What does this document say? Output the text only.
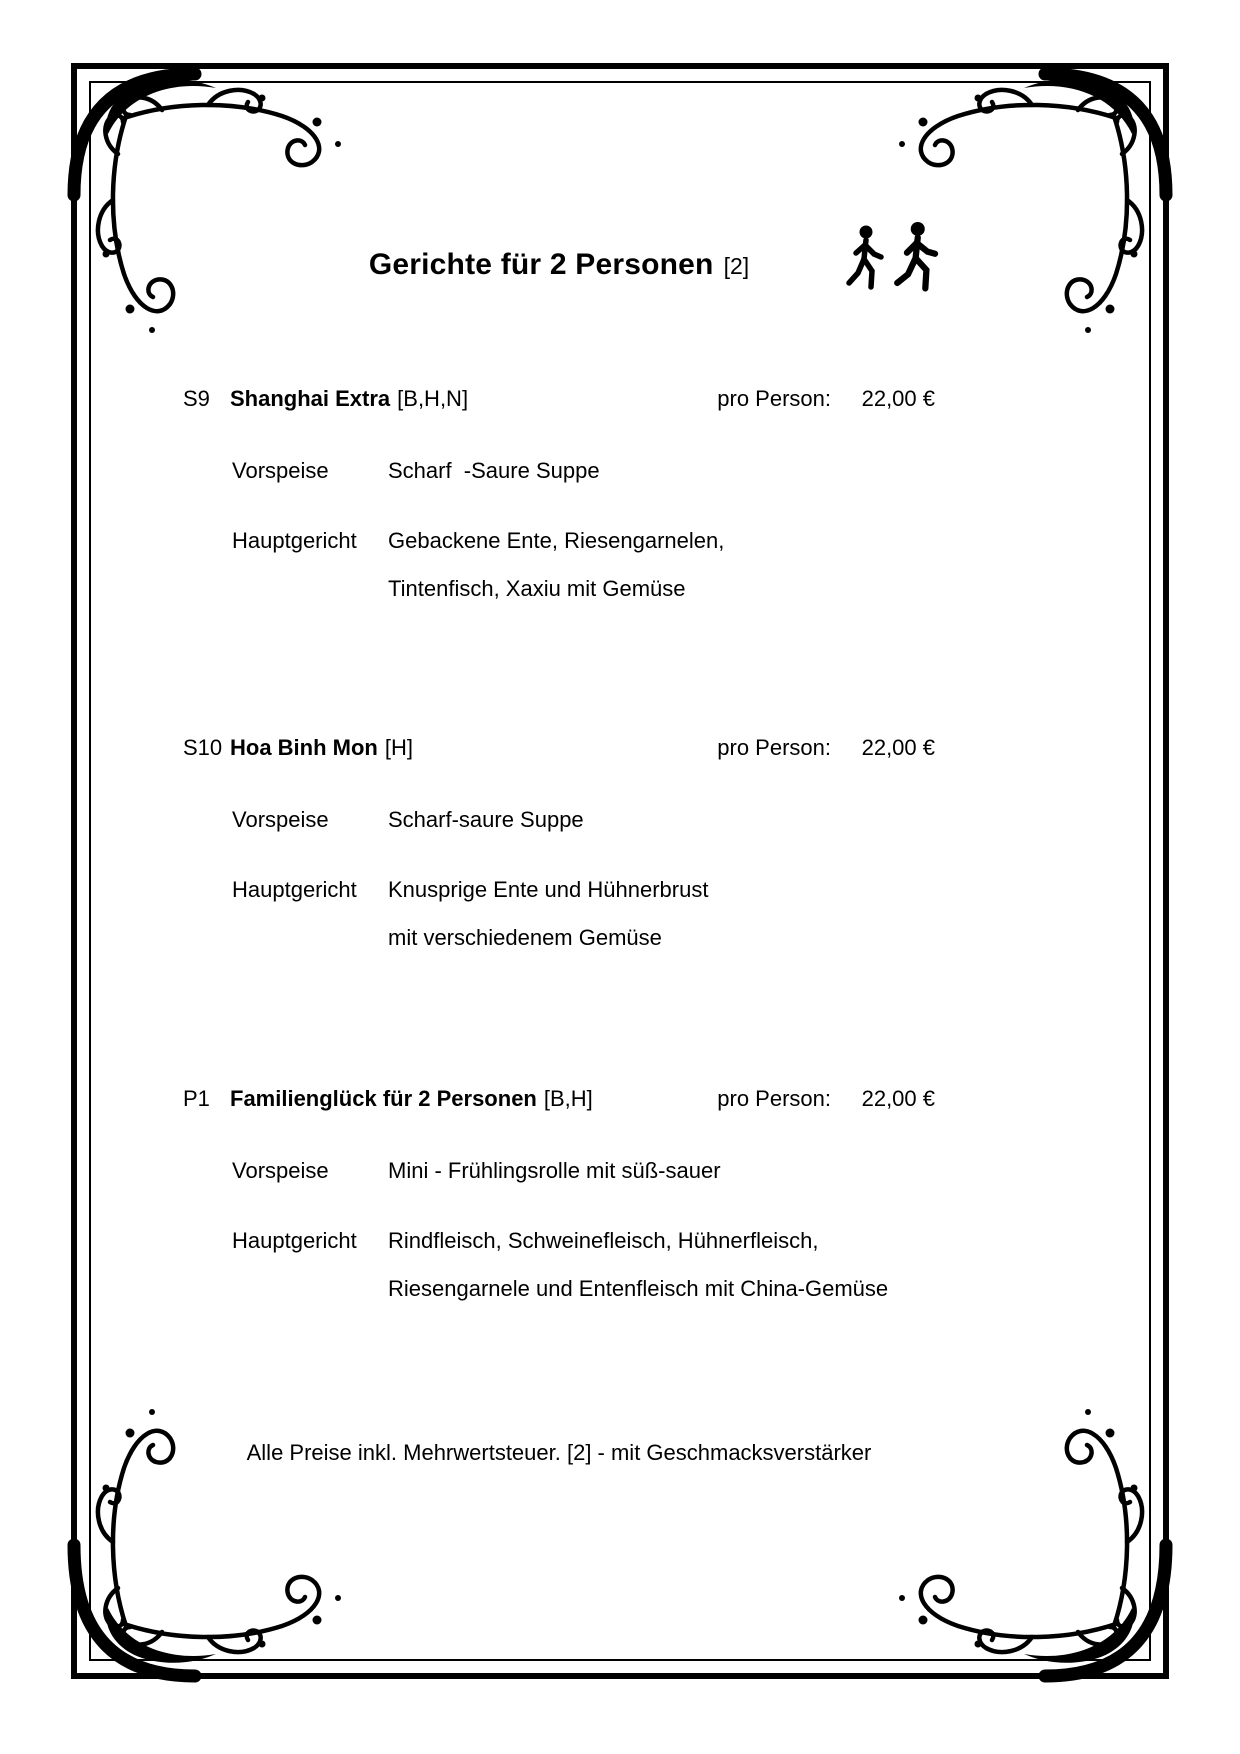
Gerichte für 2 Personen [2]
S9 Shanghai Extra [B,H,N]	pro Person: 22,00 €
Vorspeise	Scharf  -Saure Suppe
Hauptgericht	Gebackene Ente, Riesengarnelen,
Tintenfisch, Xaxiu mit Gemüse
S10 Hoa Binh Mon [H]	pro Person: 22,00 €
Vorspeise	Scharf-saure Suppe
Hauptgericht	Knusprige Ente und Hühnerbrust
mit verschiedenem Gemüse
P1 Familienglück für 2 Personen [B,H]	pro Person: 22,00 €
Vorspeise	Mini - Frühlingsrolle mit süß-sauer
Hauptgericht	Rindfleisch, Schweinefleisch, Hühnerfleisch,
Riesengarnele und Entenfleisch mit China-Gemüse
Alle Preise inkl. Mehrwertsteuer. [2] - mit Geschmacksverstärker
